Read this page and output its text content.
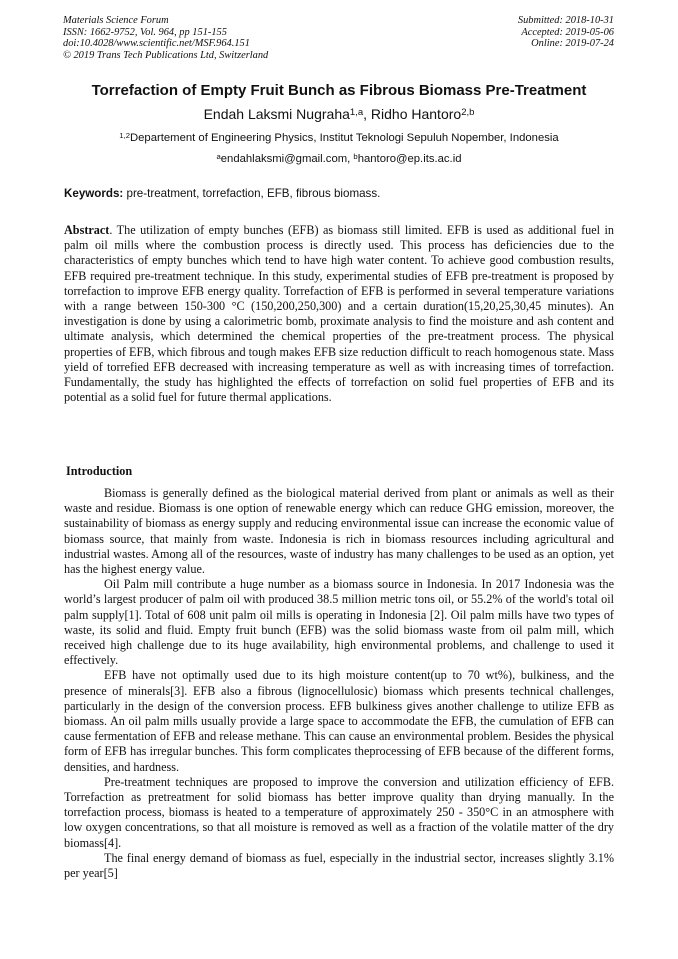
Materials Science Forum
ISSN: 1662-9752, Vol. 964, pp 151-155
doi:10.4028/www.scientific.net/MSF.964.151
© 2019 Trans Tech Publications Ltd, Switzerland
Submitted: 2018-10-31
Accepted: 2019-05-06
Online: 2019-07-24
Torrefaction of Empty Fruit Bunch as Fibrous Biomass Pre-Treatment
Endah Laksmi Nugraha$^{1,a}$, Ridho Hantoro$^{2,b}$
$^{1,2}$Departement of Engineering Physics, Institut Teknologi Sepuluh Nopember, Indonesia
$^a$endahlaksmi@gmail.com, $^b$hantoro@ep.its.ac.id
Keywords: pre-treatment, torrefaction, EFB, fibrous biomass.

Abstract. The utilization of empty bunches (EFB) as biomass still limited. EFB is used as additional fuel in palm oil mills where the combustion process is directly used. This process has deficiencies due to the characteristics of empty bunches which tend to have high water content. To achieve good combustion results, EFB required pre-treatment technique. In this study, experimental studies of EFB pre-treatment is proposed by torrefaction to improve EFB energy quality. Torrefaction of EFB is performed in several temperature variations with a range between 150-300 °C (150,200,250,300) and a certain duration(15,20,25,30,45 minutes). An investigation is done by using a calorimetric bomb, proximate analysis to find the moisture and ash content and ultimate analysis, which determined the chemical properties of the pre-treatment process. The physical properties of EFB, which fibrous and tough makes EFB size reduction difficult to reach homogenous state. Mass yield of torrefied EFB decreased with increasing temperature as well as with increasing times of torrefaction. Fundamentally, the study has highlighted the effects of torrefaction on solid fuel properties of EFB and its potential as a solid fuel for future thermal applications.

Introduction

Biomass is generally defined as the biological material derived from plant or animals as well as their waste and residue. Biomass is one option of renewable energy which can reduce GHG emission, moreover, the sustainability of biomass as energy supply and reducing environmental issue can increase the economic value of biomass source, that mainly from waste. Indonesia is rich in biomass resources including agricultural and industrial wastes. Among all of the resources, waste of industry has many challenges to be used as an option, yet has the highest energy value.

Oil Palm mill contribute a huge number as a biomass source in Indonesia. In 2017 Indonesia was the world’s largest producer of palm oil with produced 38.5 million metric tons oil, or 55.2% of the world's total oil palm supply[1]. Total of 608 unit palm oil mills is operating in Indonesia [2]. Oil palm mills have two types of waste, its solid and fluid. Empty fruit bunch (EFB) was the solid biomass waste from oil palm mill, which received high challenge due to its huge availability, high environmental problems, and challenge to used it effectively.

EFB have not optimally used due to its high moisture content(up to 70 wt%), bulkiness, and the presence of minerals[3]. EFB also a fibrous (lignocellulosic) biomass which presents technical challenges, particularly in the design of the conversion process. EFB bulkiness gives another challenge to utilize EFB as biomass. An oil palm mills usually provide a large space to accommodate the EFB, the cumulation of EFB can cause fermentation of EFB and release methane. This can cause an environmental problem. Besides the physical form of EFB has irregular bunches. This form complicates theprocessing of EFB because of the different forms, densities, and hardness.

Pre-treatment techniques are proposed to improve the conversion and utilization efficiency of EFB. Torrefaction as pretreatment for solid biomass has better improve quality than drying manually. In the torrefaction process, biomass is heated to a temperature of approximately 250 - 350°C in an atmosphere with low oxygen concentrations, so that all moisture is removed as well as a fraction of the volatile matter of the dry biomass[4].

The final energy demand of biomass as fuel, especially in the industrial sector, increases slightly 3.1% per year[5]
